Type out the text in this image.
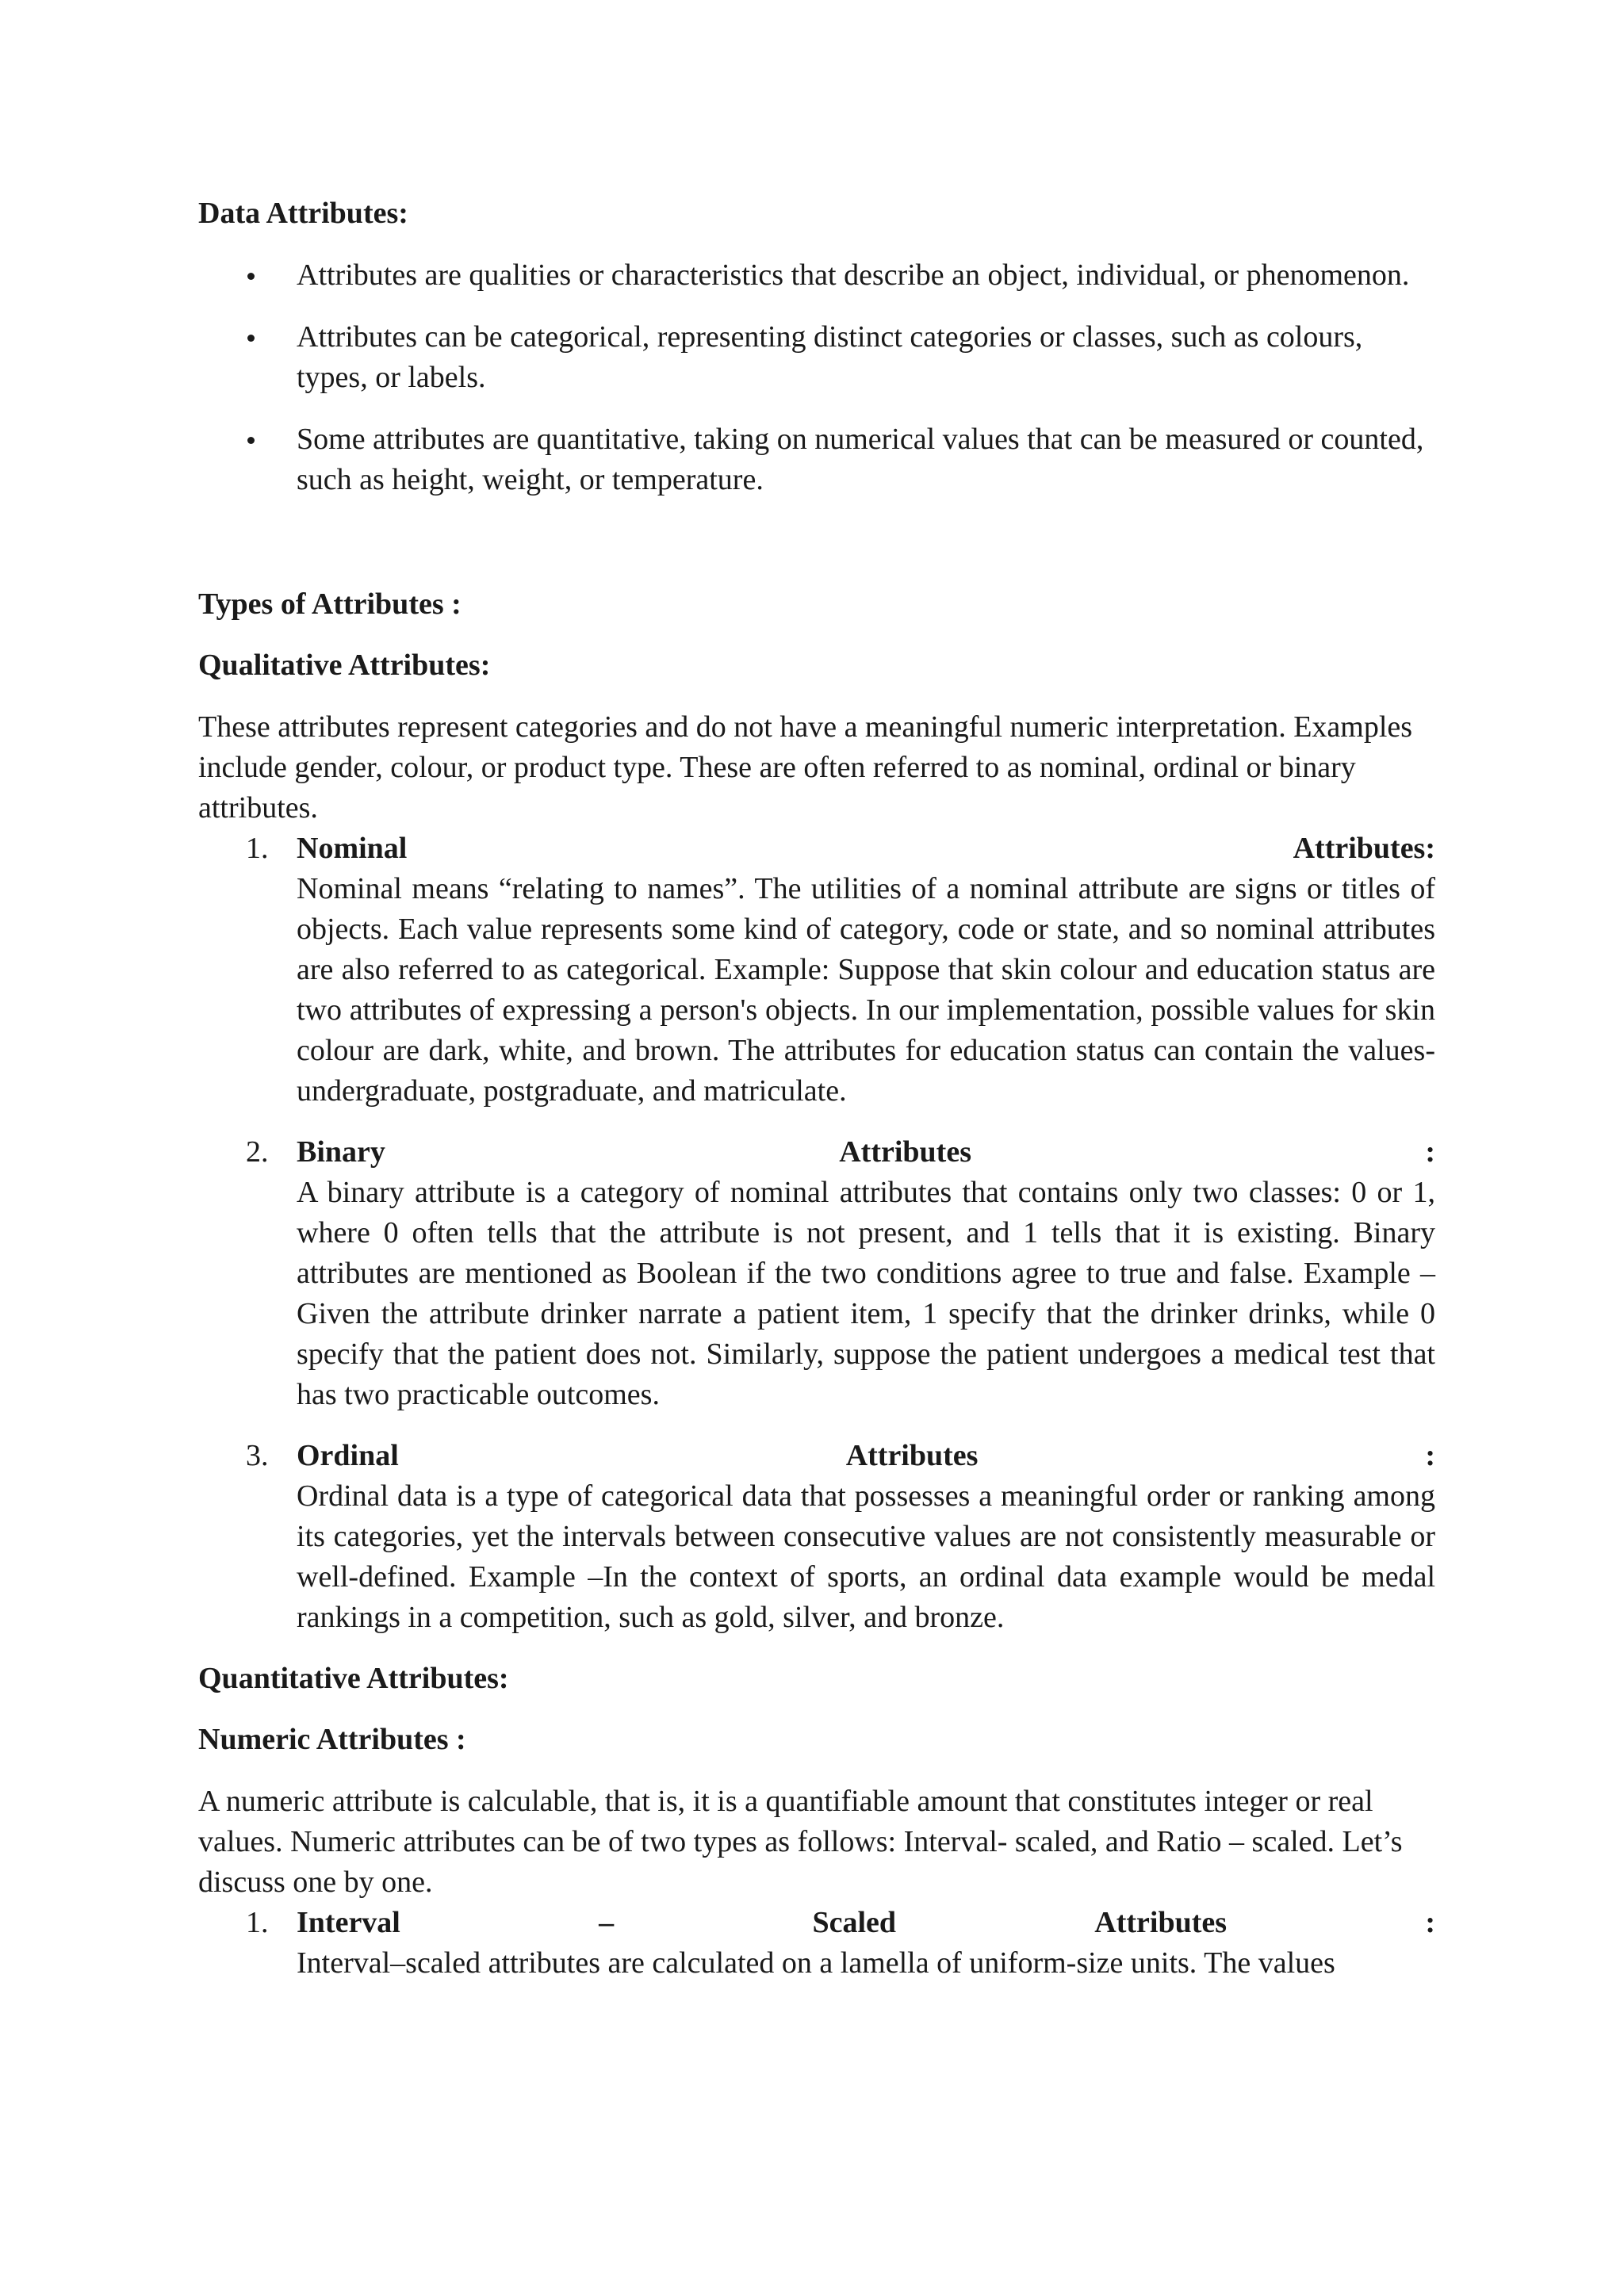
Data Attributes:

Attributes are qualities or characteristics that describe an object, individual, or phenomenon.
Attributes can be categorical, representing distinct categories or classes, such as colours, types, or labels.
Some attributes are quantitative, taking on numerical values that can be measured or counted, such as height, weight, or temperature.

Types of Attributes :

Qualitative Attributes:

These attributes represent categories and do not have a meaningful numeric interpretation. Examples include gender, colour, or product type. These are often referred to as nominal, ordinal or binary attributes.

1. Nominal	Attributes:
Nominal means “relating to names”. The utilities of a nominal attribute are signs or titles of objects. Each value represents some kind of category, code or state, and so nominal attributes are also referred to as categorical. Example: Suppose that skin colour and education status are two attributes of expressing a person's objects. In our implementation, possible values for skin colour are dark, white, and brown. The attributes for education status can contain the values- undergraduate, postgraduate, and matriculate.
2. Binary	Attributes	:
A binary attribute is a category of nominal attributes that contains only two classes: 0 or 1, where 0 often tells that the attribute is not present, and 1 tells that it is existing. Binary attributes are mentioned as Boolean if the two conditions agree to true and false. Example – Given the attribute drinker narrate a patient item, 1 specify that the drinker drinks, while 0 specify that the patient does not. Similarly, suppose the patient undergoes a medical test that has two practicable outcomes.
3. Ordinal	Attributes	:
Ordinal data is a type of categorical data that possesses a meaningful order or ranking among its categories, yet the intervals between consecutive values are not consistently measurable or well-defined. Example –In the context of sports, an ordinal data example would be medal rankings in a competition, such as gold, silver, and bronze.

Quantitative Attributes:

Numeric Attributes :

A numeric attribute is calculable, that is, it is a quantifiable amount that constitutes integer or real values. Numeric attributes can be of two types as follows: Interval- scaled, and Ratio – scaled. Let’s discuss one by one.

1. Interval	–	Scaled	Attributes	:
Interval–scaled attributes are calculated on a lamella of uniform-size units. The values
